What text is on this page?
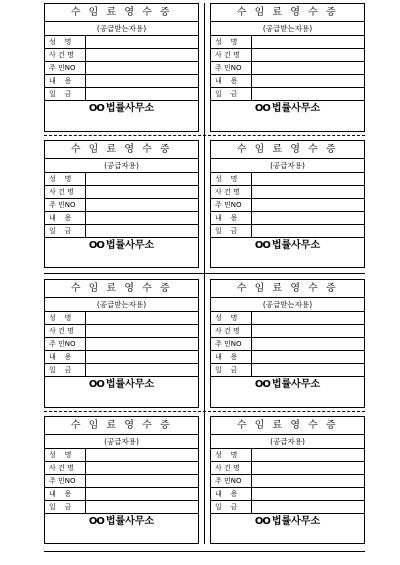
수 임 료 영 수 증
(공급받는자용)
성    명
사 건 명
주 민NO
내    용
일    금
OO 법률사무소
수 임 료 영 수 증
(공급받는자용)
성    명
사 건 명
주 민NO
내    용
일    금
OO 법률사무소
수 임 료 영 수 증
(공급자용)
성    명
사 건 명
주 민NO
내    용
일    금
OO 법률사무소
수 임 료 영 수 증
(공급자용)
성    명
사 건 명
주 민NO
내    용
일    금
OO 법률사무소
수 임 료 영 수 증
(공급받는자용)
성    명
사 건 명
주 민NO
내    용
일    금
OO 법률사무소
수 임 료 영 수 증
(공급받는자용)
성    명
사 건 명
주 민NO
내    용
일    금
OO 법률사무소
수 임 료 영 수 증
(공급자용)
성    명
사 건 명
주 민NO
내    용
일    금
OO 법률사무소
수 임 료 영 수 증
(공급자용)
성    명
사 건 명
주 민NO
내    용
일    금
OO 법률사무소
